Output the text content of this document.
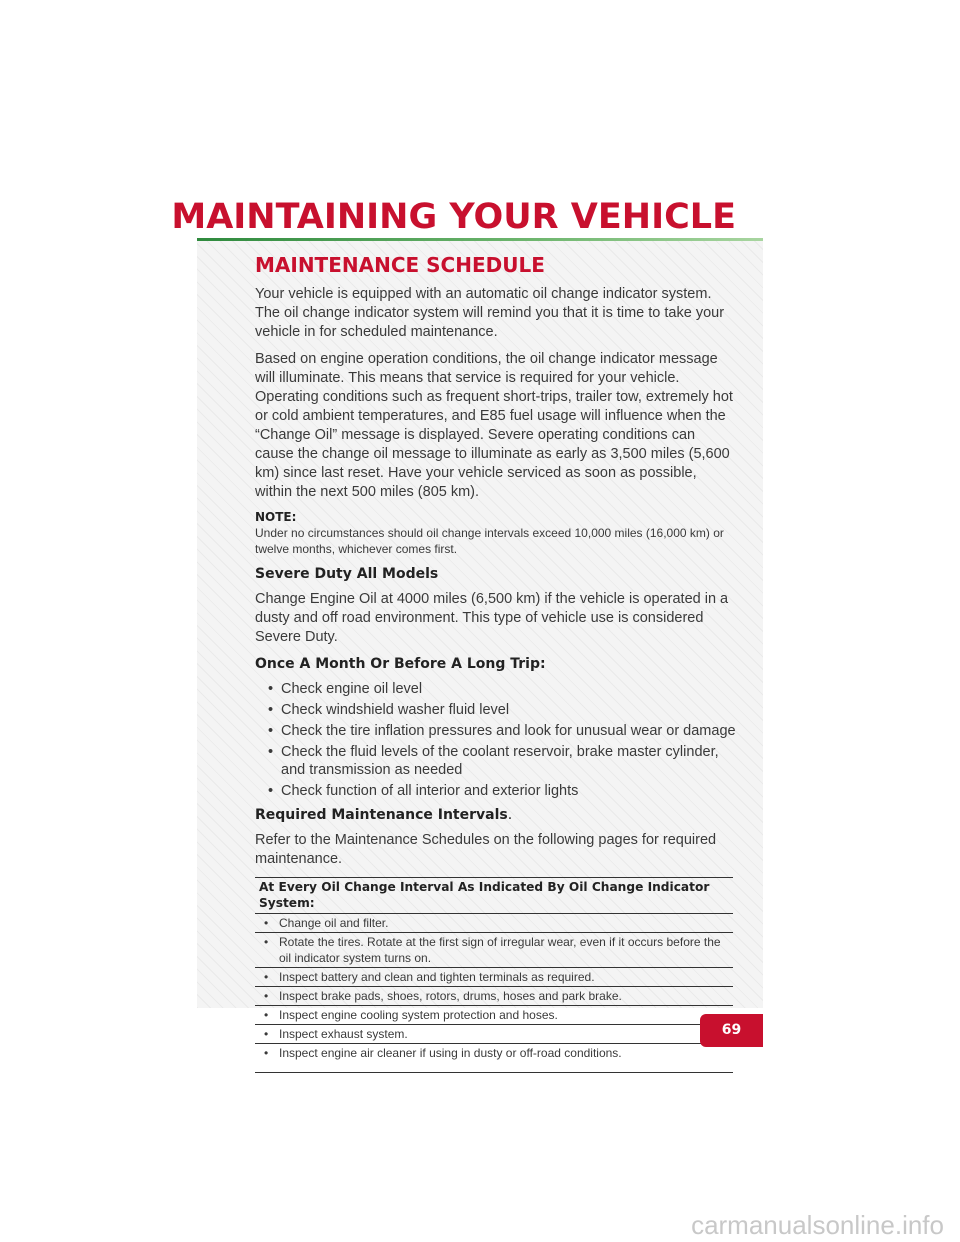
MAINTAINING YOUR VEHICLE
MAINTENANCE SCHEDULE

Your vehicle is equipped with an automatic oil change indicator system. The oil change indicator system will remind you that it is time to take your vehicle in for scheduled maintenance.

Based on engine operation conditions, the oil change indicator message will illuminate. This means that service is required for your vehicle. Operating conditions such as frequent short-trips, trailer tow, extremely hot or cold ambient temperatures, and E85 fuel usage will influence when the “Change Oil” message is displayed. Severe operating conditions can cause the change oil message to illuminate as early as 3,500 miles (5,600 km) since last reset. Have your vehicle serviced as soon as possible, within the next 500 miles (805 km).

NOTE:
Under no circumstances should oil change intervals exceed 10,000 miles (16,000 km) or twelve months, whichever comes first.
Severe Duty All Models

Change Engine Oil at 4000 miles (6,500 km) if the vehicle is operated in a dusty and off road environment. This type of vehicle use is considered Severe Duty.

Once A Month Or Before A Long Trip:
• Check engine oil level
• Check windshield washer fluid level
• Check the tire inflation pressures and look for unusual wear or damage
• Check the fluid levels of the coolant reservoir, brake master cylinder, and transmission as needed
• Check function of all interior and exterior lights
Required Maintenance Intervals.

Refer to the Maintenance Schedules on the following pages for required maintenance.

At Every Oil Change Interval As Indicated By Oil Change Indicator System:

• Change oil and filter.

• Rotate the tires. Rotate at the first sign of irregular wear, even if it occurs before the oil indicator system turns on.

• Inspect battery and clean and tighten terminals as required.

• Inspect brake pads, shoes, rotors, drums, hoses and park brake.

• Inspect engine cooling system protection and hoses.

• Inspect exhaust system.

• Inspect engine air cleaner if using in dusty or off-road conditions.
69
carmanualsonline.info
